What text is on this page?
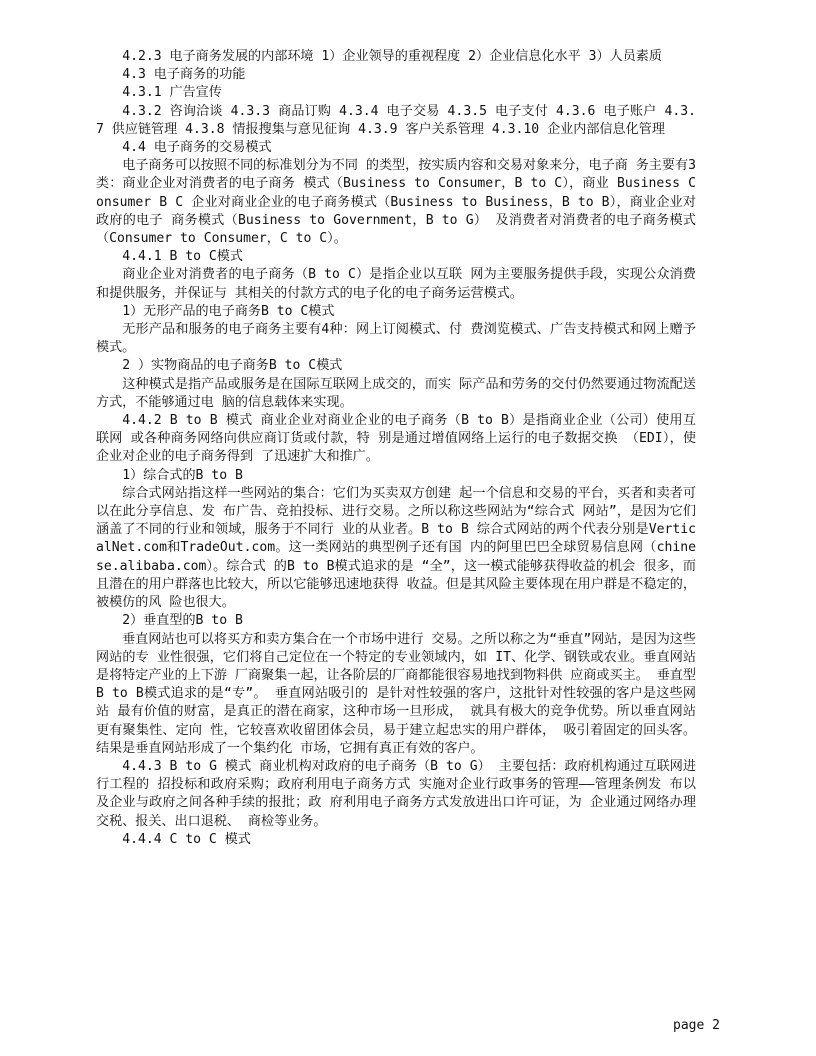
4.2.3 电子商务发展的内部环境 1）企业领导的重视程度 2）企业信息化水平 3）人员素质

4.3 电子商务的功能

4.3.1 广告宣传

4.3.2 咨询洽谈 4.3.3 商品订购 4.3.4 电子交易 4.3.5 电子支付 4.3.6 电子账户 4.3.7 供应链管理 4.3.8 情报搜集与意见征询 4.3.9 客户关系管理 4.3.10 企业内部信息化管理

4.4 电子商务的交易模式

电子商务可以按照不同的标准划分为不同 的类型，按实质内容和交易对象来分，电子商 务主要有3类：商业企业对消费者的电子商务 模式（Business to Consumer，B to C），商业 Business Consumer B C 企业对商业企业的电子商务模式（Business to Business，B to B），商业企业对政府的电子 商务模式（Business to Government，B to G） 及消费者对消费者的电子商务模式（Consumer to Consumer，C to C）。

4.4.1 B to C模式

商业企业对消费者的电子商务（B to C）是指企业以互联 网为主要服务提供手段，实现公众消费和提供服务，并保证与 其相关的付款方式的电子化的电子商务运营模式。

1）无形产品的电子商务B to C模式

无形产品和服务的电子商务主要有4种：网上订阅模式、付 费浏览模式、广告支持模式和网上赠予模式。

2 ）实物商品的电子商务B to C模式

这种模式是指产品或服务是在国际互联网上成交的，而实 际产品和劳务的交付仍然要通过物流配送方式，不能够通过电 脑的信息载体来实现。

4.4.2 B to B 模式 商业企业对商业企业的电子商务（B to B）是指商业企业（公司）使用互联网 或各种商务网络向供应商订货或付款，特 别是通过增值网络上运行的电子数据交换 （EDI），使企业对企业的电子商务得到 了迅速扩大和推广。

1）综合式的B to B

综合式网站指这样一些网站的集合：它们为买卖双方创建 起一个信息和交易的平台，买者和卖者可以在此分享信息、发 布广告、竞拍投标、进行交易。之所以称这些网站为“综合式 网站”，是因为它们涵盖了不同的行业和领域，服务于不同行 业的从业者。B to B 综合式网站的两个代表分别是VerticalNet.com和TradeOut.com。这一类网站的典型例子还有国 内的阿里巴巴全球贸易信息网（chinese.alibaba.com）。综合式 的B to B模式追求的是 “全”，这一模式能够获得收益的机会 很多，而且潜在的用户群落也比较大，所以它能够迅速地获得 收益。但是其风险主要体现在用户群是不稳定的，被模仿的风 险也很大。

2）垂直型的B to B

垂直网站也可以将买方和卖方集合在一个市场中进行 交易。之所以称之为“垂直”网站，是因为这些网站的专 业性很强，它们将自己定位在一个特定的专业领域内，如 IT、化学、钢铁或农业。垂直网站是将特定产业的上下游 厂商聚集一起，让各阶层的厂商都能很容易地找到物料供 应商或买主。 垂直型B to B模式追求的是“专”。 垂直网站吸引的 是针对性较强的客户，这批针对性较强的客户是这些网站 最有价值的财富，是真正的潜在商家，这种市场一旦形成， 就具有极大的竞争优势。所以垂直网站更有聚集性、定向 性，它较喜欢收留团体会员，易于建立起忠实的用户群体， 吸引着固定的回头客。结果是垂直网站形成了一个集约化 市场，它拥有真正有效的客户。

4.4.3 B to G 模式 商业机构对政府的电子商务（B to G） 主要包括：政府机构通过互联网进行工程的 招投标和政府采购；政府利用电子商务方式 实施对企业行政事务的管理——管理条例发 布以及企业与政府之间各种手续的报批；政 府利用电子商务方式发放进出口许可证，为 企业通过网络办理交税、报关、出口退税、 商检等业务。

4.4.4 C to C 模式

page 2
